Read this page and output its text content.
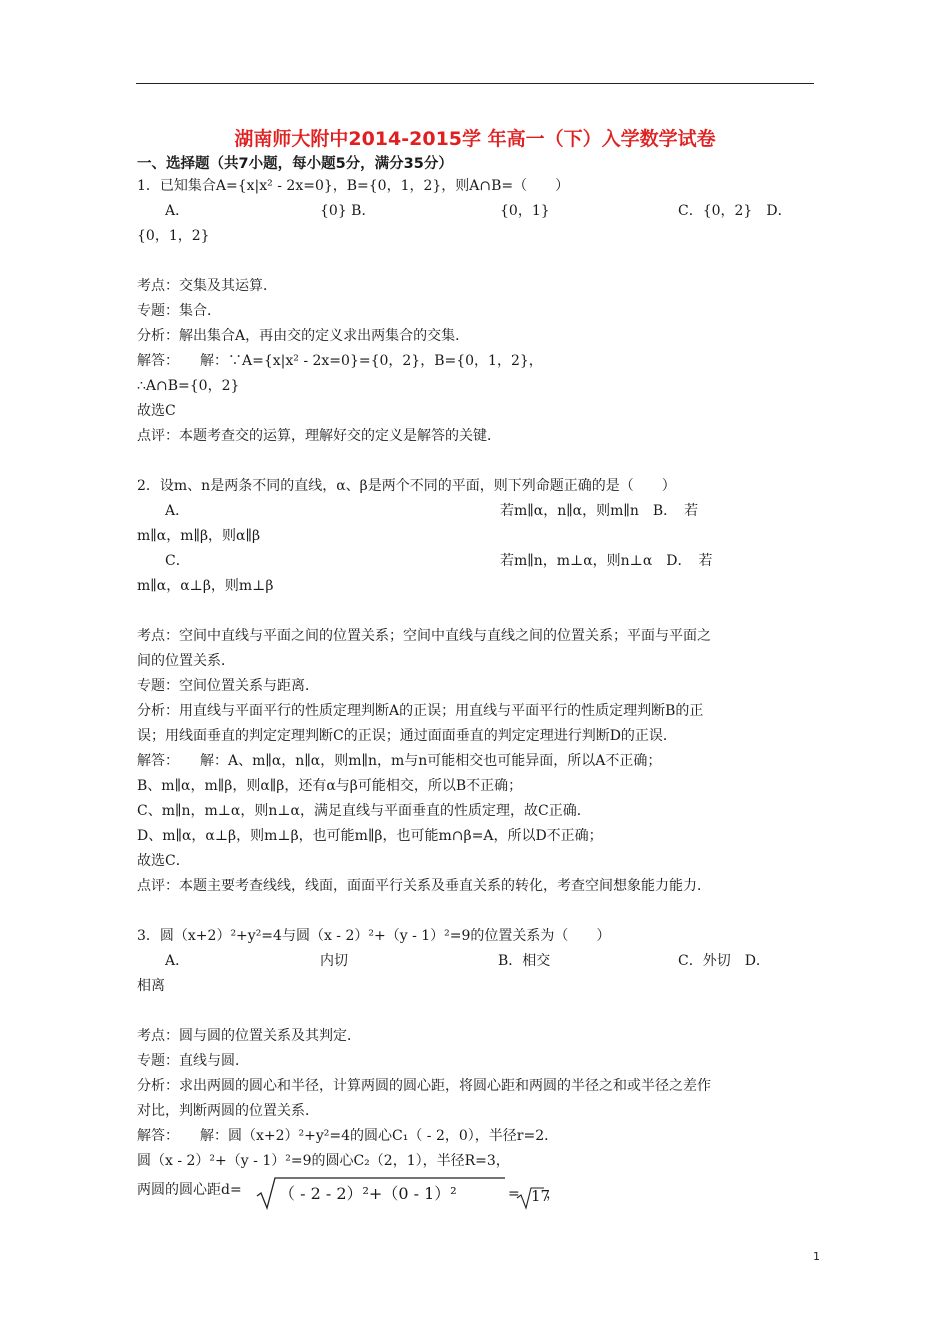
湖南师大附中2014-2015学 年高一（下）入学数学试卷
一、选择题（共7小题，每小题5分，满分35分）
1．已知集合A={x|x² - 2x=0}，B={0，1，2}，则A∩B=（　　）
A．	{0} B．	{0，1}	C．{0，2}　D．
{0，1，2}
考点：交集及其运算．
专题：集合．
分析：解出集合A，再由交的定义求出两集合的交集．
解答：　　解：∵A={x|x² - 2x=0}={0，2}，B={0，1，2}，
∴A∩B={0，2}
故选C
点评：本题考查交的运算，理解好交的定义是解答的关键．
2．设m、n是两条不同的直线，α、β是两个不同的平面，则下列命题正确的是（　　）
A．	若m∥α，n∥α，则m∥n　B．　若
m∥α，m∥β，则α∥β
C．	若m∥n，m⊥α，则n⊥α　D．　若
m∥α，α⊥β，则m⊥β
考点：空间中直线与平面之间的位置关系；空间中直线与直线之间的位置关系；平面与平面之
间的位置关系．
专题：空间位置关系与距离．
分析：用直线与平面平行的性质定理判断A的正误；用直线与平面平行的性质定理判断B的正
误；用线面垂直的判定定理判断C的正误；通过面面垂直的判定定理进行判断D的正误．
解答：　　解：A、m∥α，n∥α，则m∥n，m与n可能相交也可能异面，所以A不正确；
B、m∥α，m∥β，则α∥β，还有α与β可能相交，所以B不正确；
C、m∥n，m⊥α，则n⊥α，满足直线与平面垂直的性质定理，故C正确．
D、m∥α，α⊥β，则m⊥β，也可能m∥β，也可能m∩β=A，所以D不正确；
故选C．
点评：本题主要考查线线，线面，面面平行关系及垂直关系的转化，考查空间想象能力能力．
3．圆（x+2）²+y²=4与圆（x - 2）²+（y - 1）²=9的位置关系为（　　）
A．	内切	B．相交	C．外切　D．
相离
考点：圆与圆的位置关系及其判定．
专题：直线与圆．
分析：求出两圆的圆心和半径，计算两圆的圆心距，将圆心距和两圆的半径之和或半径之差作
对比，判断两圆的位置关系．
解答：　　解：圆（x+2）²+y²=4的圆心C₁（ - 2，0），半径r=2．
圆（x - 2）²+（y - 1）²=9的圆心C₂（2，1），半径R=3，
两圆的圆心距d= （ - 2 - 2）²+（0 - 1）²	= 17
，
1
